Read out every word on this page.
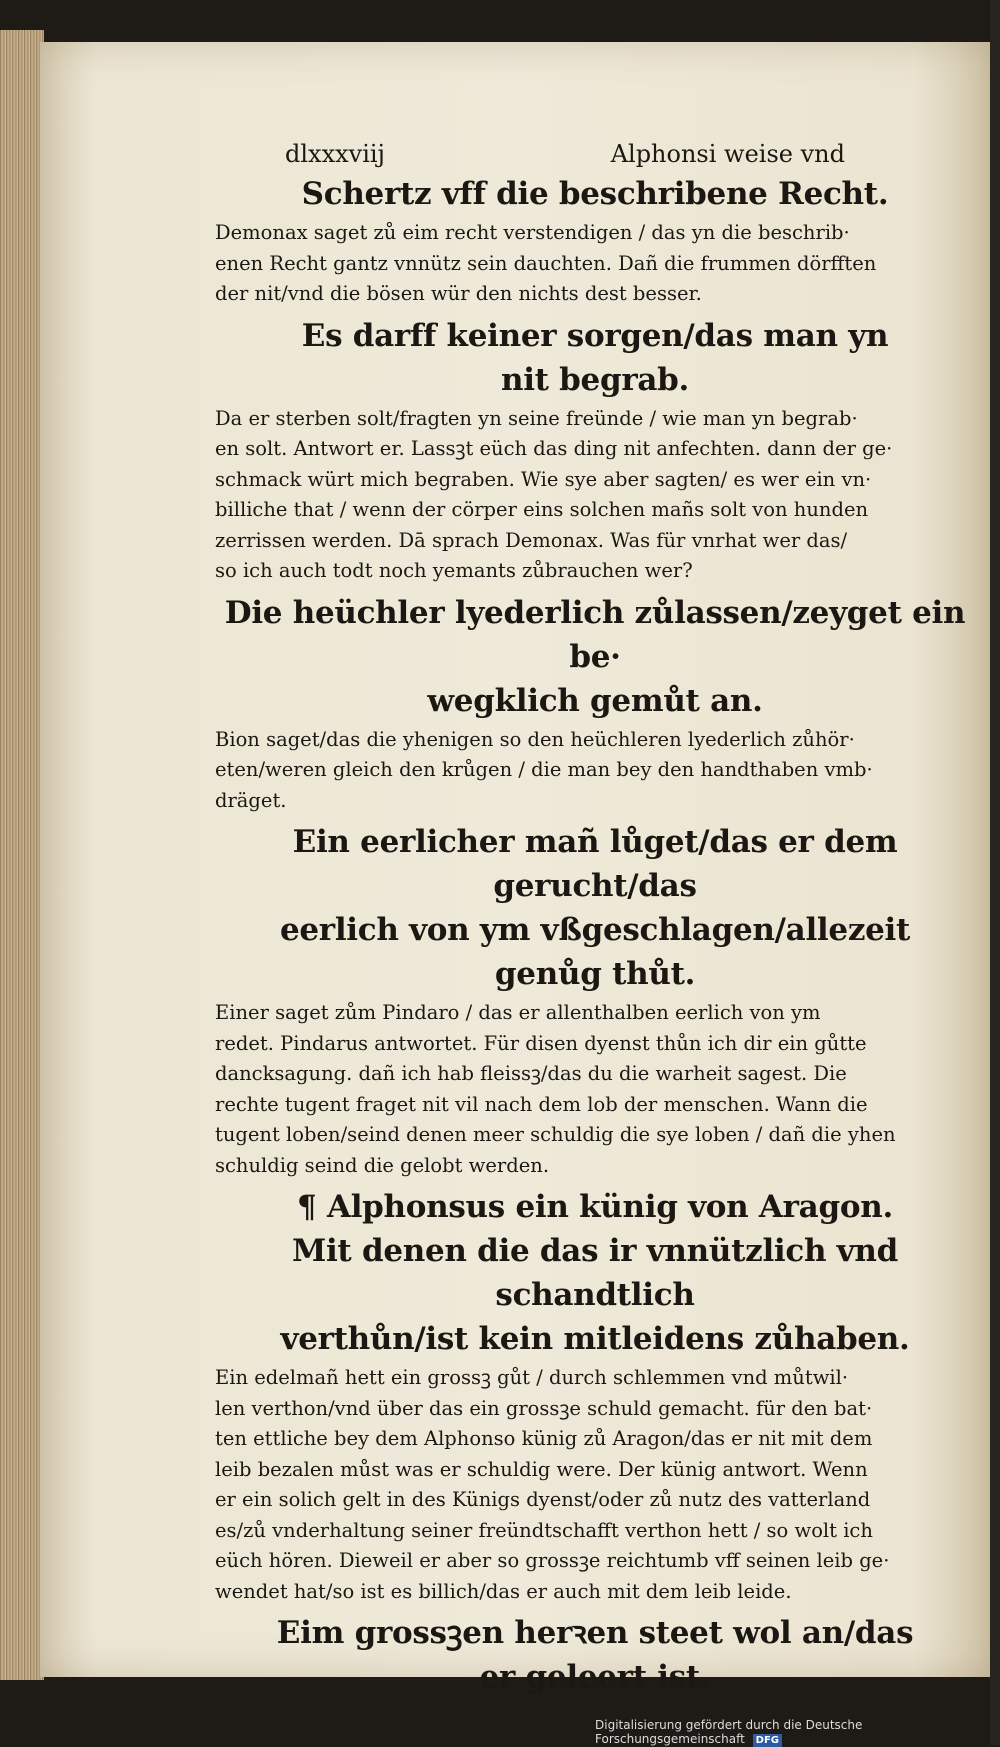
dlxxxviij	Alphonsi weise vnd
Schertz vff die beschribene Recht.
Demonax saget zů eim recht verstendigen / das yn die beschrib·
enen Recht gantz vnnütz sein dauchten. Dañ die frummen dörfften
der nit/vnd die bösen wür den nichts dest besser.
Es darff keiner sorgen/das man yn
nit begrab.
Da er sterben solt/fragten yn seine freünde / wie man yn begrab·
en solt. Antwort er. Lassꝫt eüch das ding nit anfechten. dann der ge·
schmack würt mich begraben. Wie sye aber sagten/ es wer ein vn·
billiche that / wenn der cörper eins solchen mañs solt von hunden
zerrissen werden. Dā sprach Demonax. Was für vnrhat wer das/
so ich auch todt noch yemants zůbrauchen wer?
Die heüchler lyederlich zůlassen/zeyget ein be·
wegklich gemůt an.
Bion saget/das die yhenigen so den heüchleren lyederlich zůhör·
eten/weren gleich den krůgen / die man bey den handthaben vmb·
dräget.
Ein eerlicher mañ lůget/das er dem gerucht/das
eerlich von ym vßgeschlagen/allezeit
genůg thůt.
Einer saget zům Pindaro / das er allenthalben eerlich von ym
redet. Pindarus antwortet. Für disen dyenst thůn ich dir ein gůtte
dancksagung. dañ ich hab fleissꝫ/das du die warheit sagest. Die
rechte tugent fraget nit vil nach dem lob der menschen. Wann die
tugent loben/seind denen meer schuldig die sye loben / dañ die yhen
schuldig seind die gelobt werden.
¶ Alphonsus ein künig von Aragon.
Mit denen die das ir vnnützlich vnd schandtlich
verthůn/ist kein mitleidens zůhaben.
Ein edelmañ hett ein grossꝫ gůt / durch schlemmen vnd můtwil·
len verthon/vnd über das ein grossꝫe schuld gemacht. für den bat·
ten ettliche bey dem Alphonso künig zů Aragon/das er nit mit dem
leib bezalen můst was er schuldig were. Der künig antwort. Wenn
er ein solich gelt in des Künigs dyenst/oder zů nutz des vatterland
es/zů vnderhaltung seiner freündtschafft verthon hett / so wolt ich
eüch hören. Dieweil er aber so grossꝫe reichtumb vff seinen leib ge·
wendet hat/so ist es billich/das er auch mit dem leib leide.
Eim grossꝫen herꝛen steet wol an/das
er geleert ist.
Digitalisierung gefördert durch die Deutsche Forschungsgemeinschaft DFG
